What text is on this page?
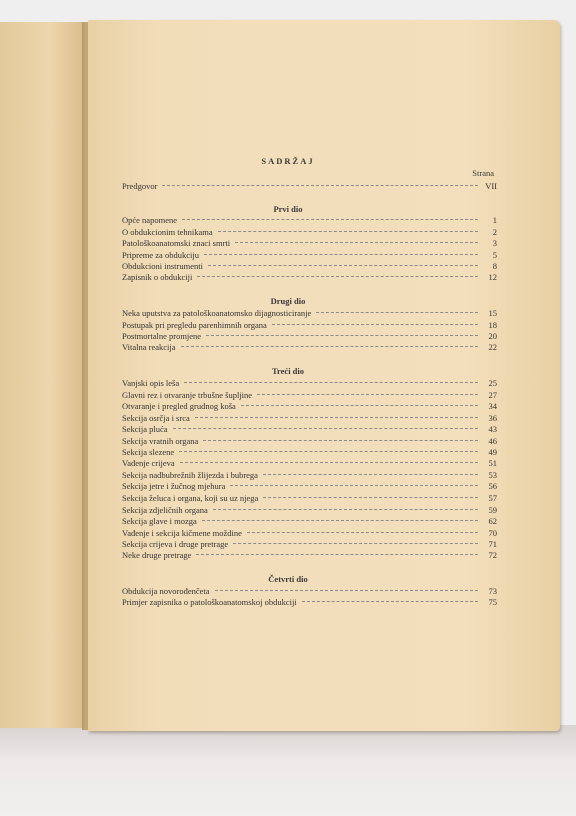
SADRŽAJ
Strana
Predgovor	VII
Prvi dio
Opće napomene	1
O obdukcionim tehnikama	2
Patološkoanatomski znaci smrti	3
Pripreme za obdukciju	5
Obdukcioni instrumenti	8
Zapisnik o obdukciji	12
Drugi dio
Neka uputstva za patološkoanatomsko dijagnosticiranje	15
Postupak pri pregledu parenhimnih organa	18
Postmortalne promjene	20
Vitalna reakcija	22
Treći dio
Vanjski opis leša	25
Glavni rez i otvaranje trbušne šupljine	27
Otvaranje i pregled grudnog koša	34
Sekcija osrčja i srca	36
Sekcija pluća	43
Sekcija vratnih organa	46
Sekcija slezene	49
Vađenje crijeva	51
Sekcija nadbubrežnih žlijezda i bubrega	53
Sekcija jetre i žučnog mjehura	56
Sekcija želuca i organa, koji su uz njega	57
Sekcija zdjeličnih organa	59
Sekcija glave i mozga	62
Vađenje i sekcija kičmene moždine	70
Sekcija crijeva i druge pretrage	71
Neke druge pretrage	72
Četvrti dio
Obdukcija novorođenčeta	73
Primjer zapisnika o patološkoanatomskoj obdukciji	75
